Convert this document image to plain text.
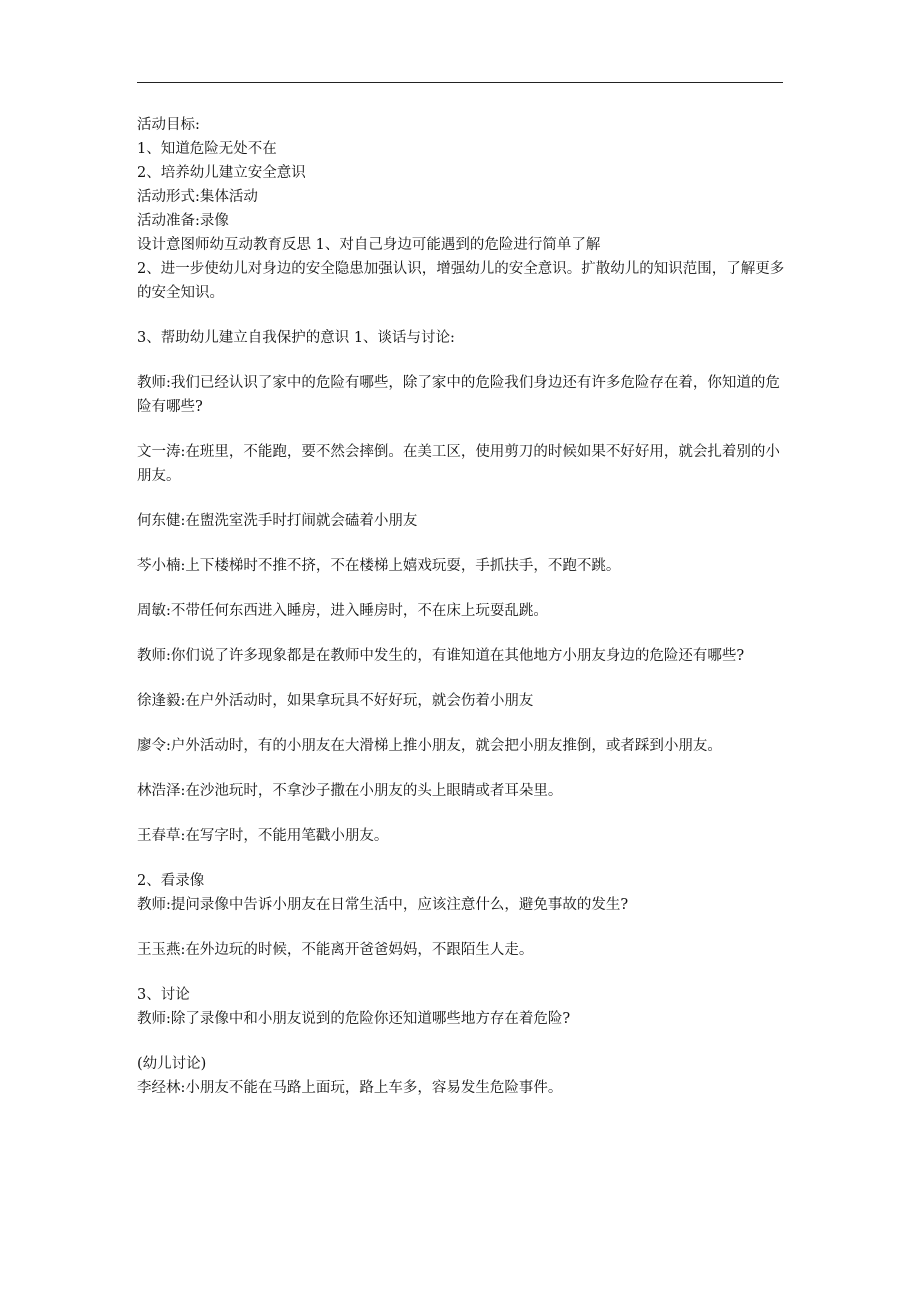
活动目标:

1、知道危险无处不在

2、培养幼儿建立安全意识

活动形式:集体活动

活动准备:录像

设计意图师幼互动教育反思 1、对自己身边可能遇到的危险进行简单了解

2、进一步使幼儿对身边的安全隐患加强认识，增强幼儿的安全意识。扩散幼儿的知识范围，了解更多的安全知识。

3、帮助幼儿建立自我保护的意识 1、谈话与讨论:

教师:我们已经认识了家中的危险有哪些，除了家中的危险我们身边还有许多危险存在着，你知道的危险有哪些?

文一涛:在班里，不能跑，要不然会摔倒。在美工区，使用剪刀的时候如果不好好用，就会扎着别的小朋友。

何东健:在盥洗室洗手时打闹就会磕着小朋友

芩小楠:上下楼梯时不推不挤，不在楼梯上嬉戏玩耍，手抓扶手，不跑不跳。

周敏:不带任何东西进入睡房，进入睡房时，不在床上玩耍乱跳。

教师:你们说了许多现象都是在教师中发生的，有谁知道在其他地方小朋友身边的危险还有哪些?

徐逢毅:在户外活动时，如果拿玩具不好好玩，就会伤着小朋友

廖令:户外活动时，有的小朋友在大滑梯上推小朋友，就会把小朋友推倒，或者踩到小朋友。

林浩泽:在沙池玩时，不拿沙子撒在小朋友的头上眼睛或者耳朵里。

王春草:在写字时，不能用笔戳小朋友。

2、看录像

教师:提问录像中告诉小朋友在日常生活中，应该注意什么，避免事故的发生?

王玉燕:在外边玩的时候，不能离开爸爸妈妈，不跟陌生人走。

3、讨论

教师:除了录像中和小朋友说到的危险你还知道哪些地方存在着危险?

(幼儿讨论)

李经林:小朋友不能在马路上面玩，路上车多，容易发生危险事件。
